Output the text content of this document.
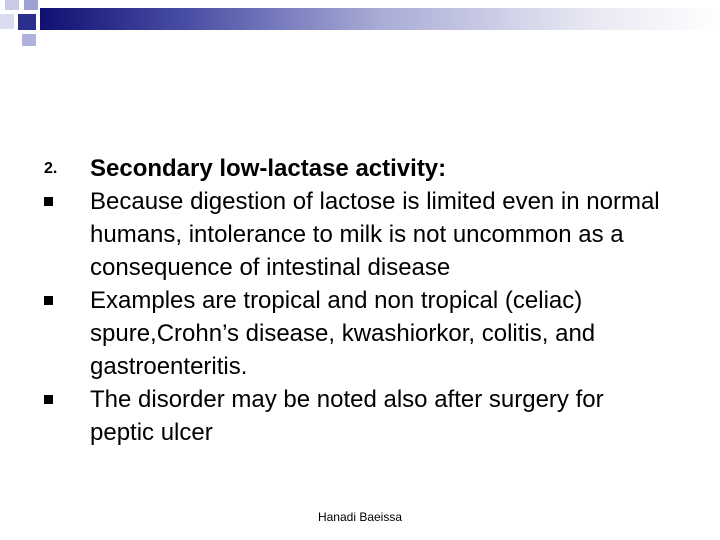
2. Secondary low-lactase activity:
Because digestion of lactose is limited even in normal humans, intolerance to milk is not uncommon as a consequence of intestinal disease
Examples are tropical and non tropical (celiac) spure,Crohn’s disease, kwashiorkor, colitis, and gastroenteritis.
The disorder may be noted also after surgery for peptic ulcer
Hanadi Baeissa
